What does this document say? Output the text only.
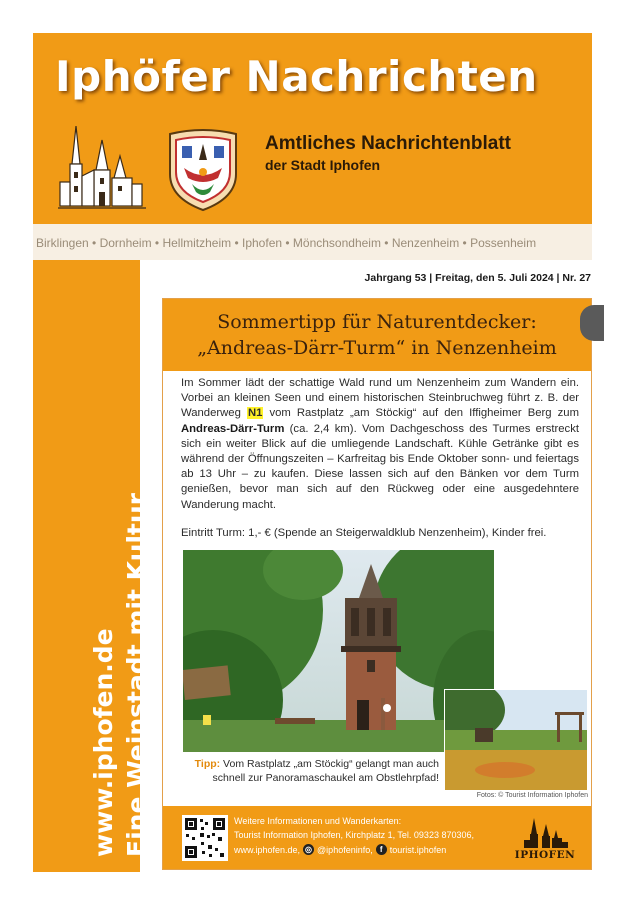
Iphöfer Nachrichten
Amtliches Nachrichtenblatt
der Stadt Iphofen
Birklingen • Dornheim • Hellmitzheim • Iphofen • Mönchsondheim • Nenzenheim • Possenheim
www.iphofen.de Eine Weinstadt mit Kultur
Jahrgang 53 | Freitag, den 5. Juli 2024 | Nr. 27
Sommertipp für Naturentdecker:
„Andreas-Därr-Turm“ in Nenzenheim
Im Sommer lädt der schattige Wald rund um Nenzenheim zum Wandern ein. Vorbei an kleinen Seen und einem historischen Steinbruchweg führt z. B. der Wanderweg N1 vom Rastplatz „am Stöckig“ auf den Iffigheimer Berg zum Andreas-Därr-Turm (ca. 2,4 km). Vom Dachgeschoss des Turmes erstreckt sich ein weiter Blick auf die umliegende Landschaft. Kühle Getränke gibt es während der Öffnungszeiten – Karfreitag bis Ende Oktober sonn- und feiertags ab 13 Uhr – zu kaufen. Diese lassen sich auf den Bänken vor dem Turm genießen, bevor man sich auf den Rückweg oder eine ausgedehntere Wanderung macht.
Eintritt Turm: 1,- € (Spende an Steigerwaldklub Nenzenheim), Kinder frei.
Tipp: Vom Rastplatz „am Stöckig“ gelangt man auch schnell zur Panoramaschaukel am Obstlehrpfad!
Fotos: © Tourist Information Iphofen
Weitere Informationen und Wanderkarten:
Tourist Information Iphofen, Kirchplatz 1, Tel. 09323 870306,
www.iphofen.de, ◎ @iphofeninfo, f tourist.iphofen	IPHOFEN
